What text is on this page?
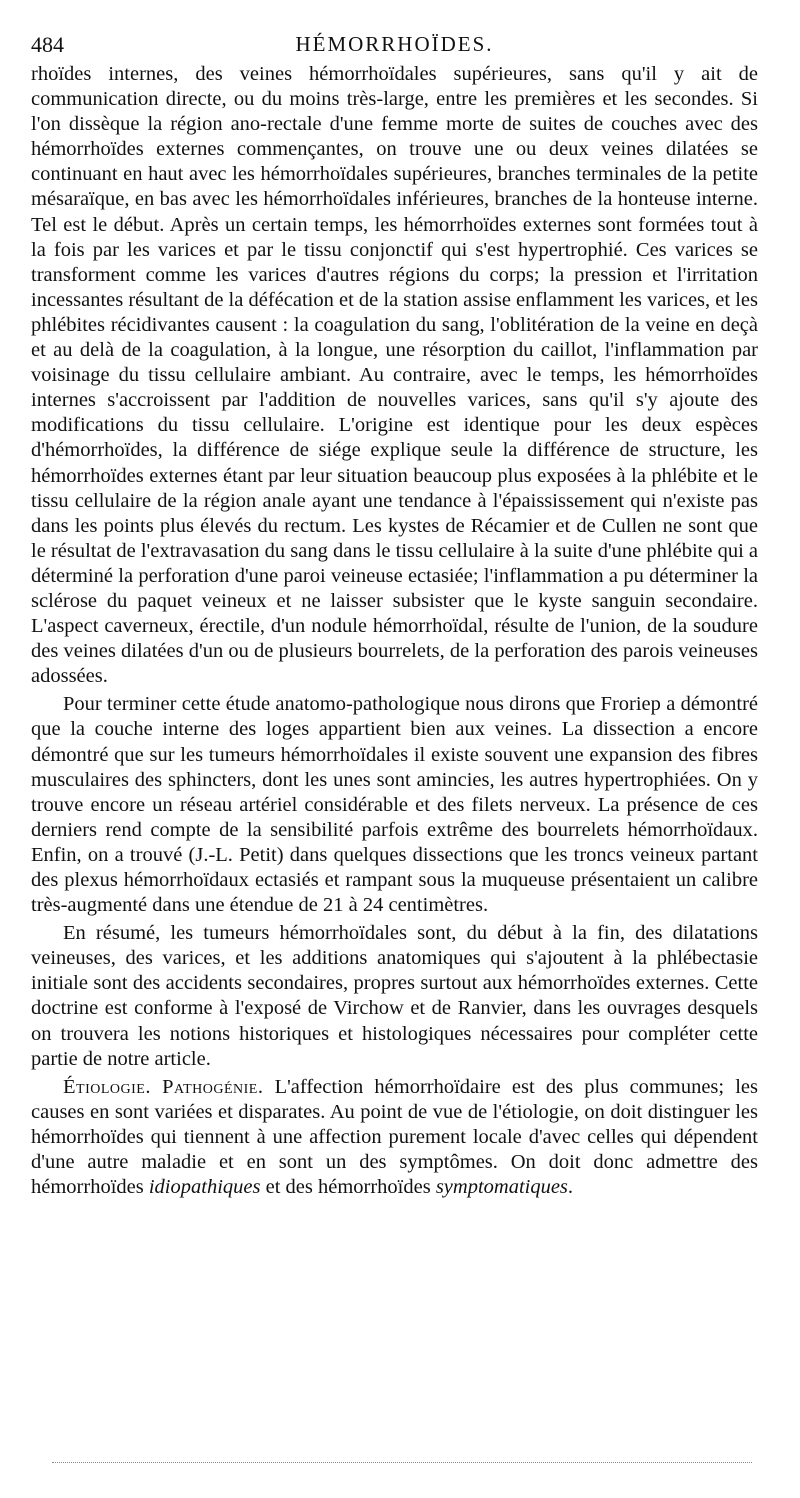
484	HÉMORRHOÏDES.

rhoïdes internes, des veines hémorrhoïdales supérieures, sans qu'il y ait de communication directe, ou du moins très-large, entre les premières et les secondes. Si l'on dissèque la région ano-rectale d'une femme morte de suites de couches avec des hémorrhoïdes externes commençantes, on trouve une ou deux veines dilatées se continuant en haut avec les hémorrhoïdales supérieures, branches terminales de la petite mésaraïque, en bas avec les hémorrhoïdales inférieures, branches de la honteuse interne. Tel est le début. Après un certain temps, les hémorrhoïdes externes sont formées tout à la fois par les varices et par le tissu conjonctif qui s'est hypertrophié. Ces varices se transforment comme les varices d'autres régions du corps; la pression et l'irritation incessantes résultant de la défécation et de la station assise enflamment les varices, et les phlébites récidivantes causent : la coagulation du sang, l'oblitération de la veine en deçà et au delà de la coagulation, à la longue, une résorption du caillot, l'inflammation par voisinage du tissu cellulaire ambiant. Au contraire, avec le temps, les hémorrhoïdes internes s'accroissent par l'addition de nouvelles varices, sans qu'il s'y ajoute des modifications du tissu cellulaire. L'origine est identique pour les deux espèces d'hémorrhoïdes, la différence de siége explique seule la différence de structure, les hémorrhoïdes externes étant par leur situation beaucoup plus exposées à la phlébite et le tissu cellulaire de la région anale ayant une tendance à l'épaississement qui n'existe pas dans les points plus élevés du rectum. Les kystes de Récamier et de Cullen ne sont que le résultat de l'extravasation du sang dans le tissu cellulaire à la suite d'une phlébite qui a déterminé la perforation d'une paroi veineuse ectasiée; l'inflammation a pu déterminer la sclérose du paquet veineux et ne laisser subsister que le kyste sanguin secondaire. L'aspect caverneux, érectile, d'un nodule hémorrhoïdal, résulte de l'union, de la soudure des veines dilatées d'un ou de plusieurs bourrelets, de la perforation des parois veineuses adossées.

Pour terminer cette étude anatomo-pathologique nous dirons que Froriep a démontré que la couche interne des loges appartient bien aux veines. La dissection a encore démontré que sur les tumeurs hémorrhoïdales il existe souvent une expansion des fibres musculaires des sphincters, dont les unes sont amincies, les autres hypertrophiées. On y trouve encore un réseau artériel considérable et des filets nerveux. La présence de ces derniers rend compte de la sensibilité parfois extrême des bourrelets hémorrhoïdaux. Enfin, on a trouvé (J.-L. Petit) dans quelques dissections que les troncs veineux partant des plexus hémorrhoïdaux ectasiés et rampant sous la muqueuse présentaient un calibre très-augmenté dans une étendue de 21 à 24 centimètres.

En résumé, les tumeurs hémorrhoïdales sont, du début à la fin, des dilatations veineuses, des varices, et les additions anatomiques qui s'ajoutent à la phlébectasie initiale sont des accidents secondaires, propres surtout aux hémorrhoïdes externes. Cette doctrine est conforme à l'exposé de Virchow et de Ranvier, dans les ouvrages desquels on trouvera les notions historiques et histologiques nécessaires pour compléter cette partie de notre article.

Étiologie. Pathogénie. L'affection hémorrhoïdaire est des plus communes; les causes en sont variées et disparates. Au point de vue de l'étiologie, on doit distinguer les hémorrhoïdes qui tiennent à une affection purement locale d'avec celles qui dépendent d'une autre maladie et en sont un des symptômes. On doit donc admettre des hémorrhoïdes idiopathiques et des hémorrhoïdes symptomatiques.
